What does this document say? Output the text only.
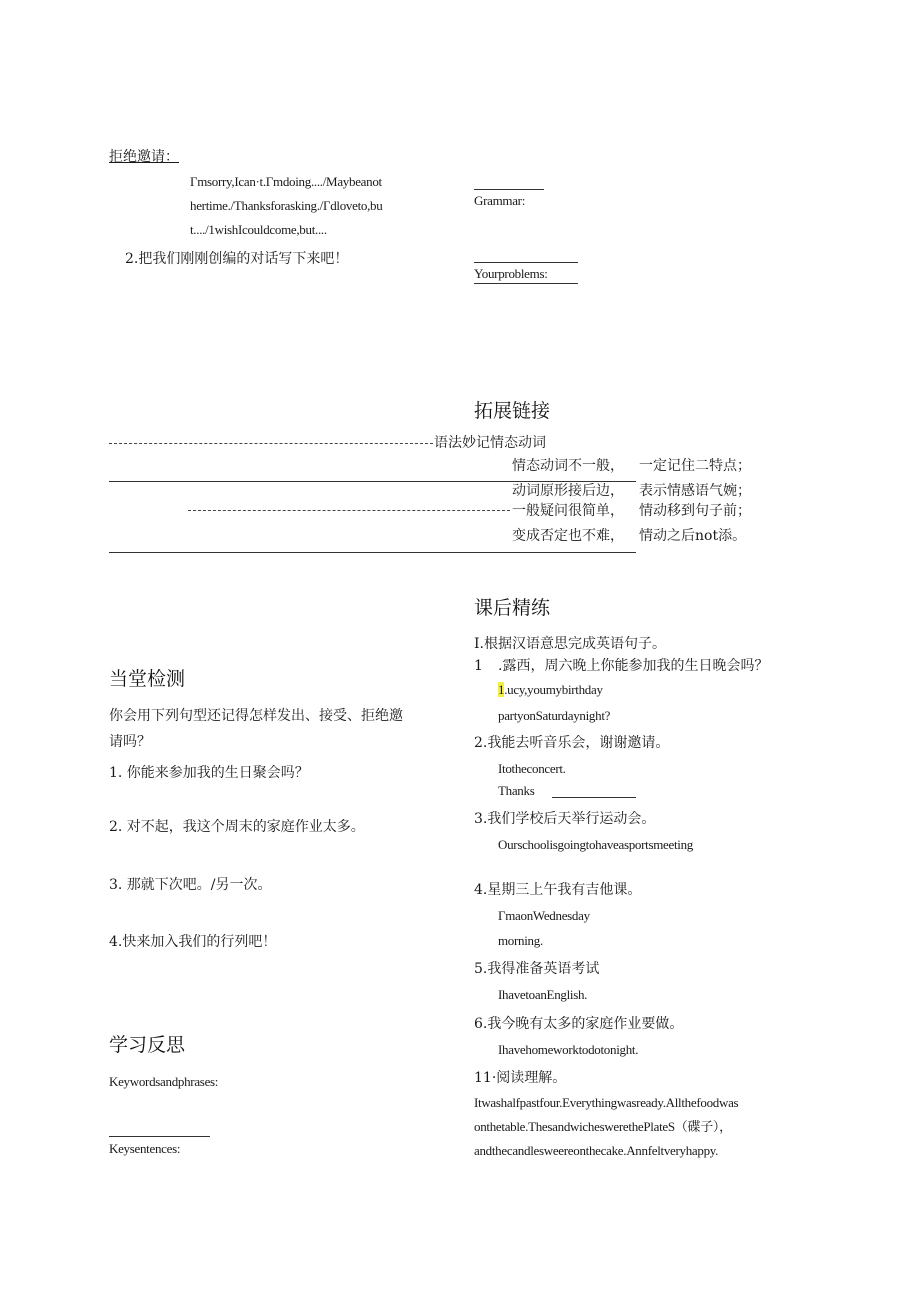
拒绝邀请：
Γmsorry,Ican·t.Γmdoing..../Maybeanot
hertime./Thanksforasking./Γdloveto,bu
t..../1wishIcouldcome,but....
2.把我们刚刚创编的对话写下来吧！
当堂检测
你会用下列句型还记得怎样发出、接受、拒绝邀
请吗？
1. 你能来参加我的生日聚会吗？
2. 对不起，我这个周末的家庭作业太多。
3. 那就下次吧。/另一次。
4.快来加入我们的行列吧！
学习反思
Keywordsandphrases:
Keysentences:
Grammar:
Yourproblems:
拓展链接
语法妙记情态动词
情态动词不一般， 一定记住二特点；
动词原形接后边， 表示情感语气婉；
一般疑问很简单， 情动移到句子前；
变成否定也不难， 情动之后not添。
课后精练
I.根据汉语意思完成英语句子。
1 .露西，周六晚上你能参加我的生日晚会吗？
1.ucy,youmybirthday
partyonSaturdaynight?
2.我能去听音乐会，谢谢邀请。
Itotheconcert.
Thanks
3.我们学校后天举行运动会。
Ourschoolisgoingtohaveasportsmeeting
4.星期三上午我有吉他课。
ΓmaonWednesday
morning.
5.我得准备英语考试
IhavetoanEnglish.
6.我今晚有太多的家庭作业要做。
Ihavehomeworktodotonight.
11·阅读理解。
Itwashalfpastfour.Everythingwasready.Allthefoodwas
onthetable.ThesandwichesweretheΡlateS（碟子），
andthecandlesweereonthecake.Annfeltveryhappy.
